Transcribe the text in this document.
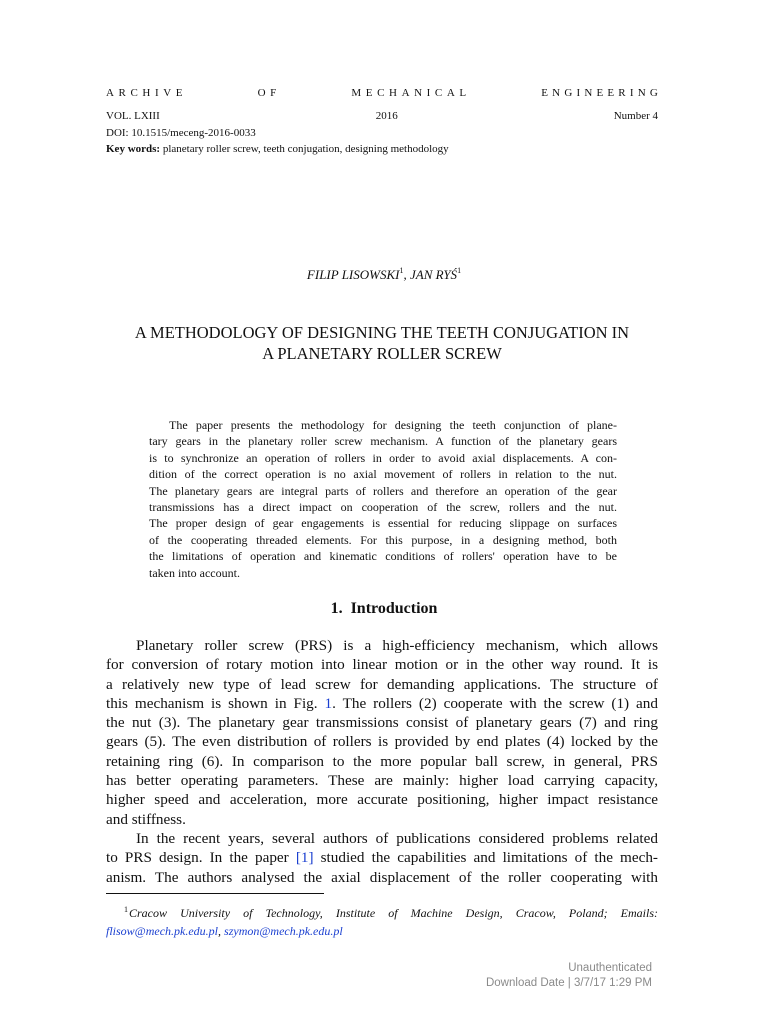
ARCHIVE	OF	MECHANICAL	ENGINEERING
VOL. LXIII	2016	Number 4
DOI: 10.1515/meceng-2016-0033
Key words: planetary roller screw, teeth conjugation, designing methodology
FILIP LISOWSKI$^1$, JAN RYŚ$^1$
A METHODOLOGY OF DESIGNING THE TEETH CONJUGATION IN
A PLANETARY ROLLER SCREW
The paper presents the methodology for designing the teeth conjunction of plane-
tary gears in the planetary roller screw mechanism. A function of the planetary gears
is to synchronize an operation of rollers in order to avoid axial displacements. A con-
dition of the correct operation is no axial movement of rollers in relation to the nut.
The planetary gears are integral parts of rollers and therefore an operation of the gear
transmissions has a direct impact on cooperation of the screw, rollers and the nut.
The proper design of gear engagements is essential for reducing slippage on surfaces
of the cooperating threaded elements. For this purpose, in a designing method, both
the limitations of operation and kinematic conditions of rollers' operation have to be
taken into account.
1. Introduction
Planetary roller screw (PRS) is a high-efficiency mechanism, which allows
for conversion of rotary motion into linear motion or in the other way round. It is
a relatively new type of lead screw for demanding applications. The structure of
this mechanism is shown in Fig. 1. The rollers (2) cooperate with the screw (1) and
the nut (3). The planetary gear transmissions consist of planetary gears (7) and ring
gears (5). The even distribution of rollers is provided by end plates (4) locked by the
retaining ring (6). In comparison to the more popular ball screw, in general, PRS
has better operating parameters. These are mainly: higher load carrying capacity,
higher speed and acceleration, more accurate positioning, higher impact resistance
and stiffness.
In the recent years, several authors of publications considered problems related
to PRS design. In the paper [1] studied the capabilities and limitations of the mech-
anism. The authors analysed the axial displacement of the roller cooperating with
$^1$Cracow University of Technology, Institute of Machine Design, Cracow, Poland; Emails:
flisow@mech.pk.edu.pl, szymon@mech.pk.edu.pl
Unauthenticated
Download Date | 3/7/17 1:29 PM
